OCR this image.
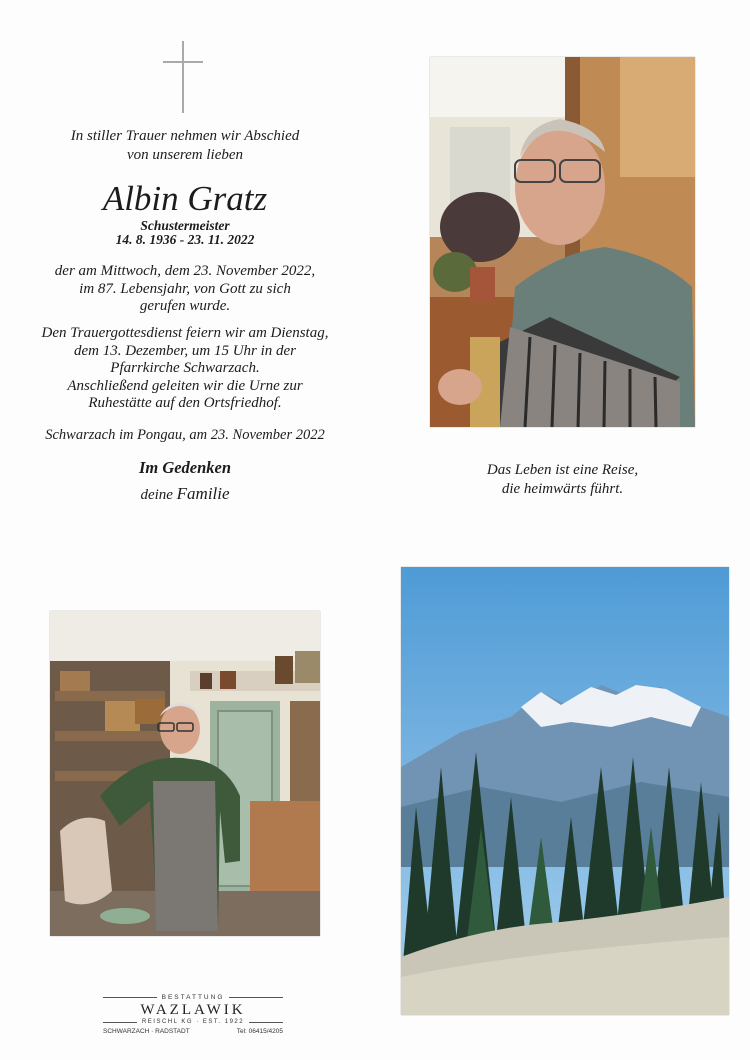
In stiller Trauer nehmen wir Abschied
von unserem lieben
Albin Gratz
Schustermeister
14. 8. 1936 - 23. 11. 2022
der am Mittwoch, dem 23. November 2022,
im 87. Lebensjahr, von Gott zu sich
gerufen wurde.
Den Trauergottesdienst feiern wir am Dienstag,
dem 13. Dezember, um 15 Uhr in der
Pfarrkirche Schwarzach.
Anschließend geleiten wir die Urne zur
Ruhestätte auf den Ortsfriedhof.
Schwarzach im Pongau, am 23. November 2022
Im Gedenken
deine Familie
Das Leben ist eine Reise,
die heimwärts führt.
BESTATTUNG
WAZLAWIK
REISCHL KG · EST. 1922
SCHWARZACH · RADSTADT	Tel: 06415/4205
